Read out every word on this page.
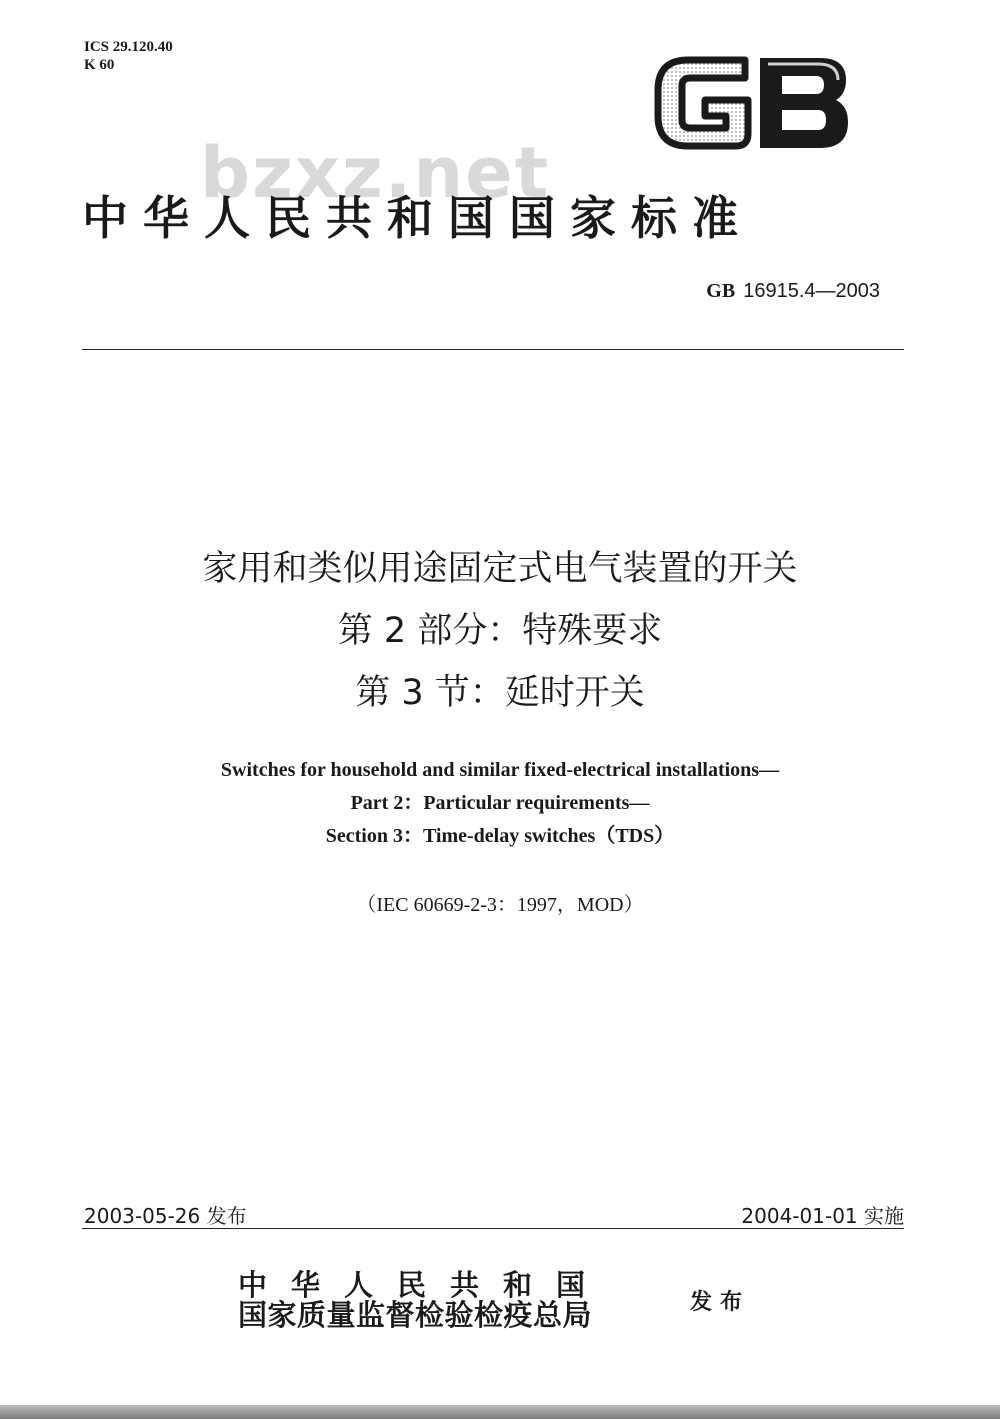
ICS 29.120.40
K 60
bzxz.net
中华人民共和国国家标准
GB 16915.4—2003
家用和类似用途固定式电气装置的开关
第 2 部分：特殊要求
第 3 节：延时开关
Switches for household and similar fixed-electrical installations—
Part 2：Particular requirements—
Section 3：Time-delay switches（TDS）
（IEC 60669-2-3：1997，MOD）
2003-05-26 发布	2004-01-01 实施
中华人民共和国
国家质量监督检验检疫总局	发布
